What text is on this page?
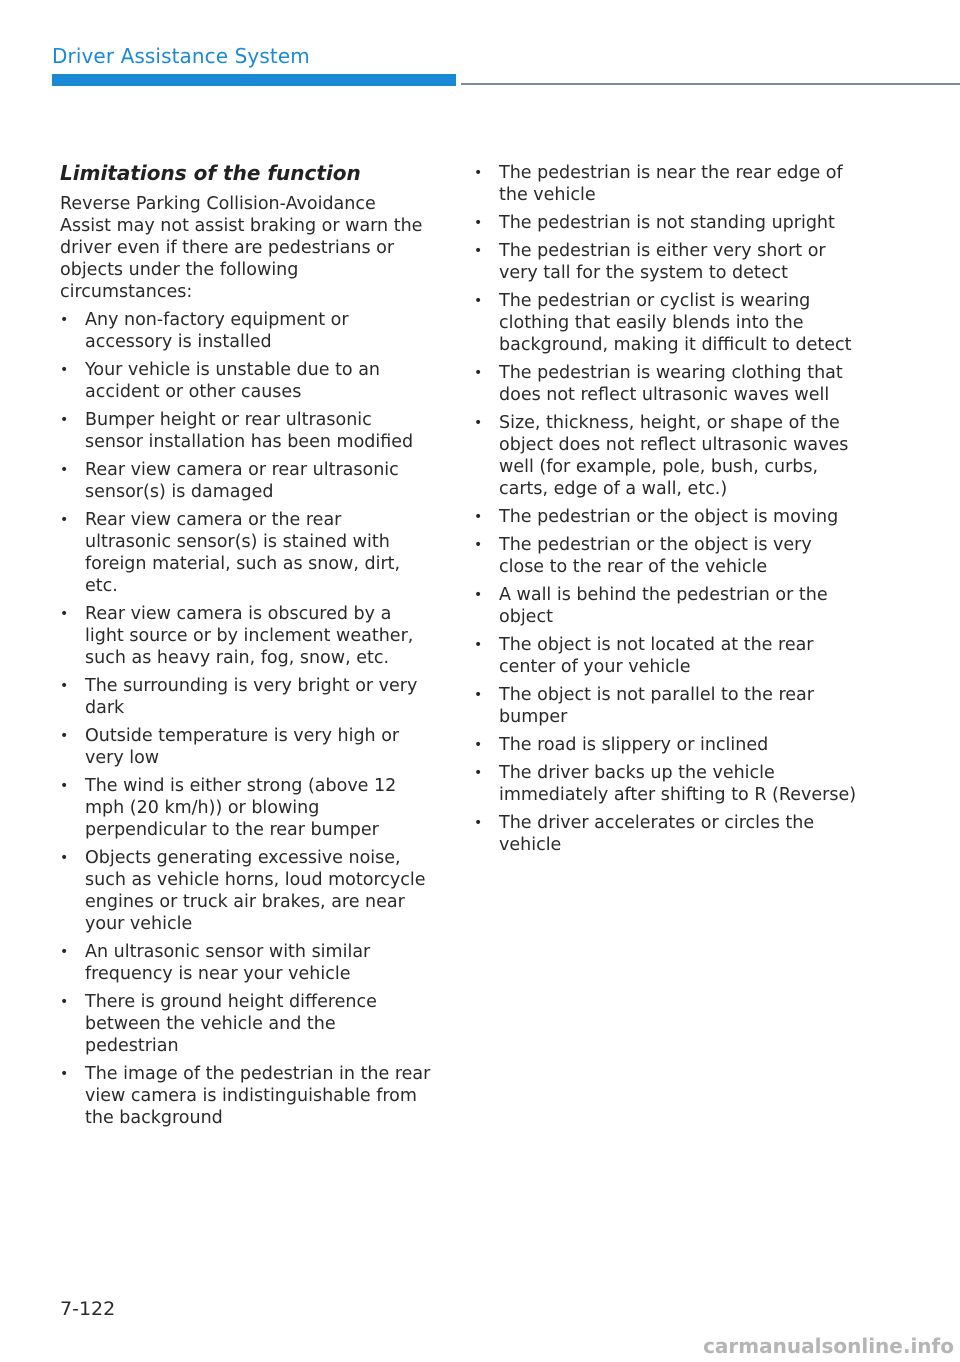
Driver Assistance System
Limitations of the function

Reverse Parking Collision-Avoidance Assist may not assist braking or warn the driver even if there are pedestrians or objects under the following circumstances:

• Any non-factory equipment or accessory is installed
• Your vehicle is unstable due to an accident or other causes
• Bumper height or rear ultrasonic sensor installation has been modified
• Rear view camera or rear ultrasonic sensor(s) is damaged
• Rear view camera or the rear ultrasonic sensor(s) is stained with foreign material, such as snow, dirt, etc.
• Rear view camera is obscured by a light source or by inclement weather, such as heavy rain, fog, snow, etc.
• The surrounding is very bright or very dark
• Outside temperature is very high or very low
• The wind is either strong (above 12 mph (20 km/h)) or blowing perpendicular to the rear bumper
• Objects generating excessive noise, such as vehicle horns, loud motorcycle engines or truck air brakes, are near your vehicle
• An ultrasonic sensor with similar frequency is near your vehicle
• There is ground height difference between the vehicle and the pedestrian
• The image of the pedestrian in the rear view camera is indistinguishable from the background
• The pedestrian is near the rear edge of the vehicle
• The pedestrian is not standing upright
• The pedestrian is either very short or very tall for the system to detect
• The pedestrian or cyclist is wearing clothing that easily blends into the background, making it difficult to detect
• The pedestrian is wearing clothing that does not reflect ultrasonic waves well
• Size, thickness, height, or shape of the object does not reflect ultrasonic waves well (for example, pole, bush, curbs, carts, edge of a wall, etc.)
• The pedestrian or the object is moving
• The pedestrian or the object is very close to the rear of the vehicle
• A wall is behind the pedestrian or the object
• The object is not located at the rear center of your vehicle
• The object is not parallel to the rear bumper
• The road is slippery or inclined
• The driver backs up the vehicle immediately after shifting to R (Reverse)
• The driver accelerates or circles the vehicle
7-122
carmanualsonline.info
